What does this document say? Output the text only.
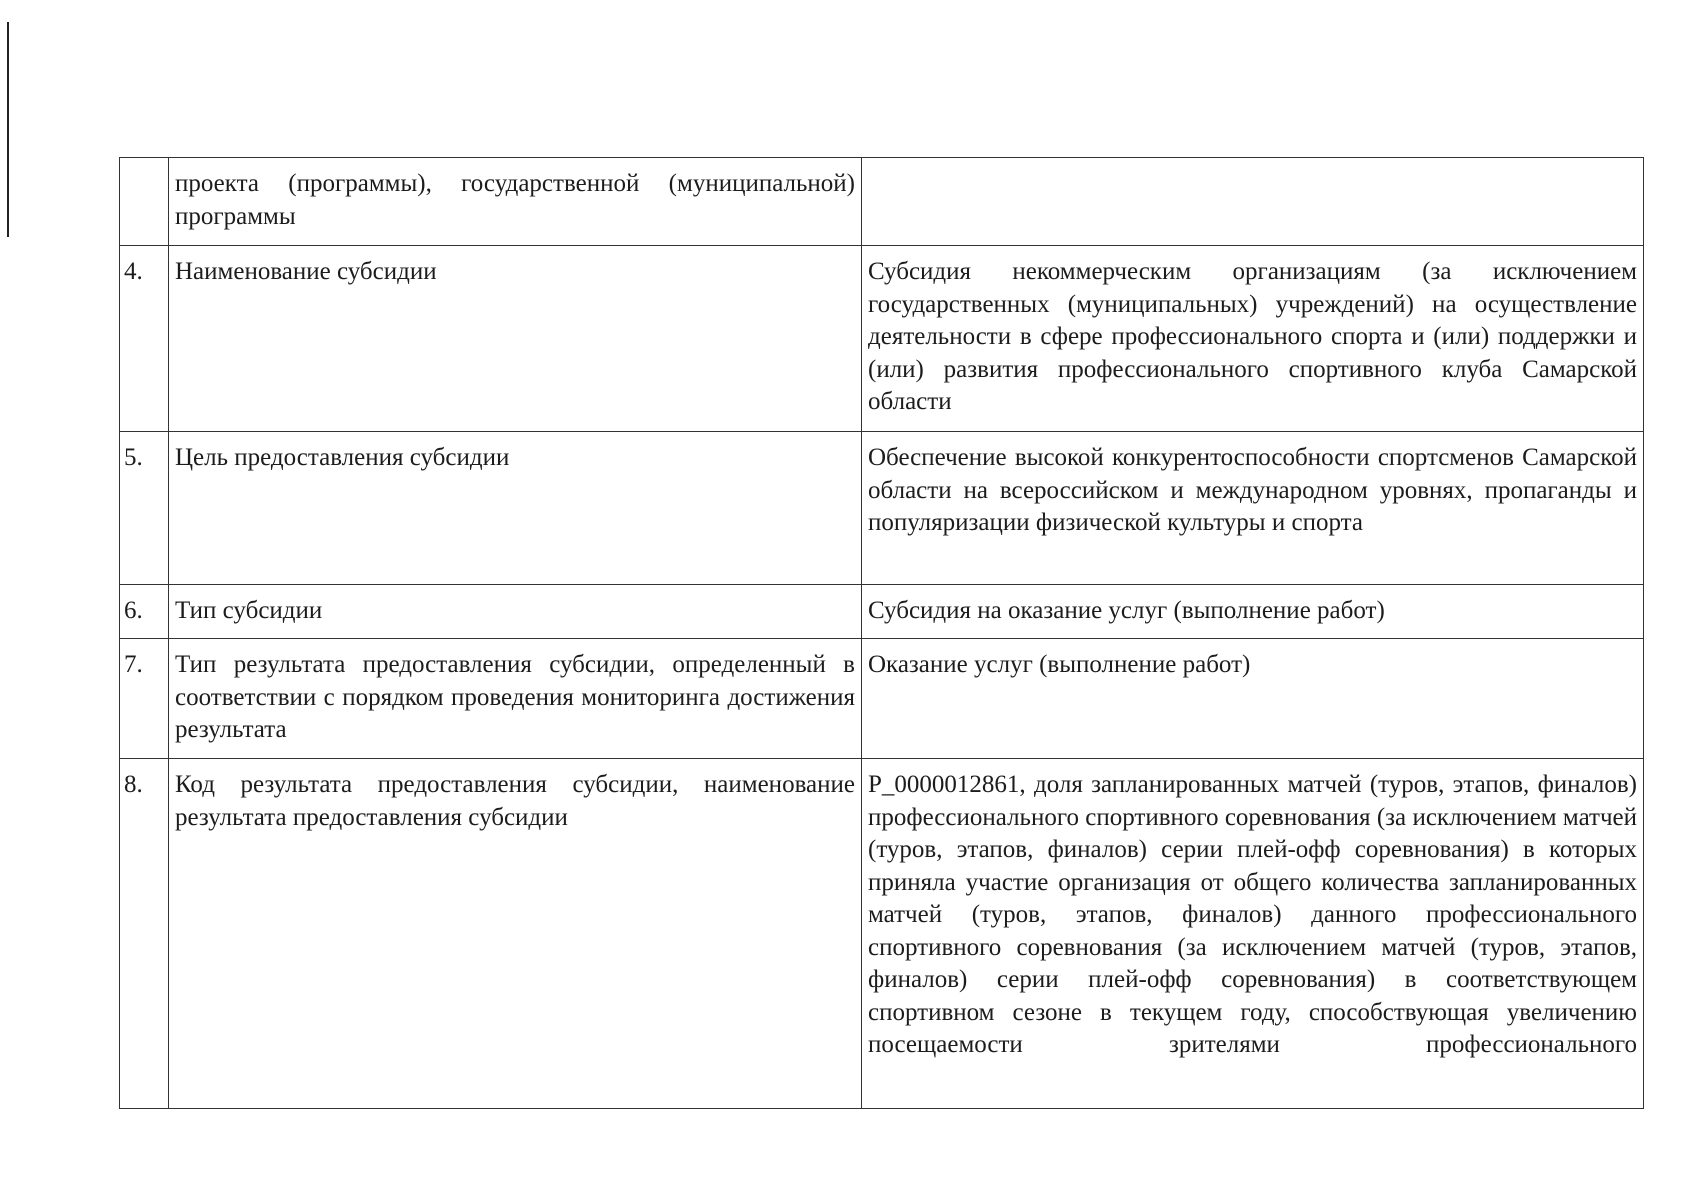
	проекта (программы), государственной (муниципальной) программы	
4.	Наименование субсидии	Субсидия некоммерческим организациям (за исключением государственных (муниципальных) учреждений) на осуществление деятельности в сфере профессионального спорта и (или) поддержки и (или) развития профессионального спортивного клуба Самарской области
5.	Цель предоставления субсидии	Обеспечение высокой конкурентоспособности спортсменов Самарской области на всероссийском и международном уровнях, пропаганды и популяризации физической культуры и спорта
6.	Тип субсидии	Субсидия на оказание услуг (выполнение работ)
7.	Тип результата предоставления субсидии, определенный в соответствии с порядком проведения мониторинга достижения результата	Оказание услуг (выполнение работ)
8.	Код результата предоставления субсидии, наименование результата предоставления субсидии	P_0000012861, доля запланированных матчей (туров, этапов, финалов) профессионального спортивного соревнования (за исключением матчей (туров, этапов, финалов) серии плей-офф соревнования) в которых приняла участие организация от общего количества запланированных матчей (туров, этапов, финалов) данного профессионального спортивного соревнования (за исключением матчей (туров, этапов, финалов) серии плей-офф соревнования) в соответствующем спортивном сезоне в текущем году, способствующая увеличению посещаемости зрителями профессионального
